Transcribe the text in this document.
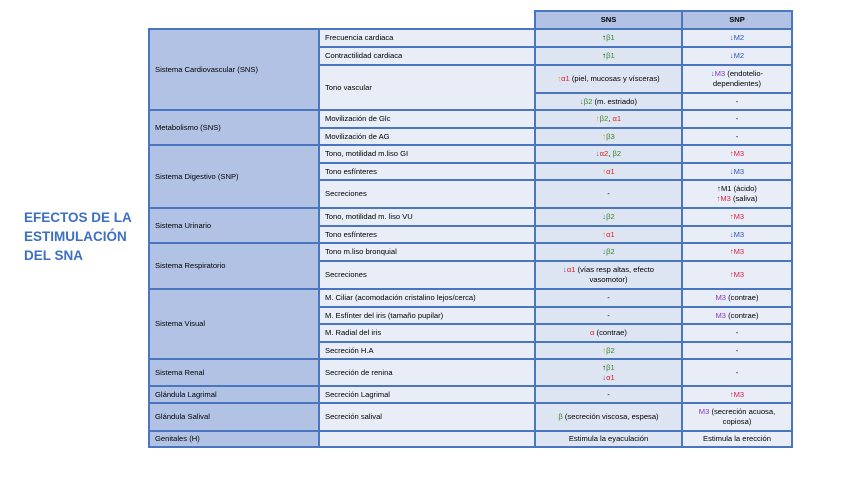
EFECTOS DE LA
ESTIMULACIÓN
DEL SNA
		SNS	SNP
Sistema Cardiovascular (SNS)	Frecuencia cardiaca	↑β1	↓M2
	Contractilidad cardiaca	↑β1	↓M2
	Tono vascular	↑α1 (piel, mucosas y vísceras)	↓M3 (endotelio-
dependientes)

		↓β2 (m. estriado)	-
Metabolismo (SNS)	Movilización de Glc	↑β2, α1	-
	Movilización de AG	↑β3	-
Sistema Digestivo (SNP)	Tono, motilidad m.liso GI	↓α2, β2	↑M3
	Tono esfínteres	↑α1	↓M3
	Secreciones	-	↑M1 (ácido)
↑M3 (saliva)

Sistema Urinario	Tono, motilidad m. liso VU	↓β2	↑M3
	Tono esfínteres	↑α1	↓M3
Sistema Respiratorio	Tono m.liso bronquial	↓β2	↑M3
	Secreciones	↓α1 (vías resp altas, efecto
vasomotor)	↑M3
Sistema Visual	M. Ciliar (acomodación cristalino lejos/cerca)	-	M3 (contrae)
	M. Esfínter del iris (tamaño pupilar)	-	M3 (contrae)
	M. Radial del iris	α (contrae)	-
	Secreción H.A	↑β2	-
Sistema Renal	Secreción de renina	↑β1
↓α1	-
Glándula Lagrimal	Secreción Lagrimal	-	↑M3
Glándula Salival	Secreción salival	β (secreción viscosa, espesa)	M3 (secreción acuosa,
copiosa)

Genitales (H)		Estimula la eyaculación	Estimula la erección
